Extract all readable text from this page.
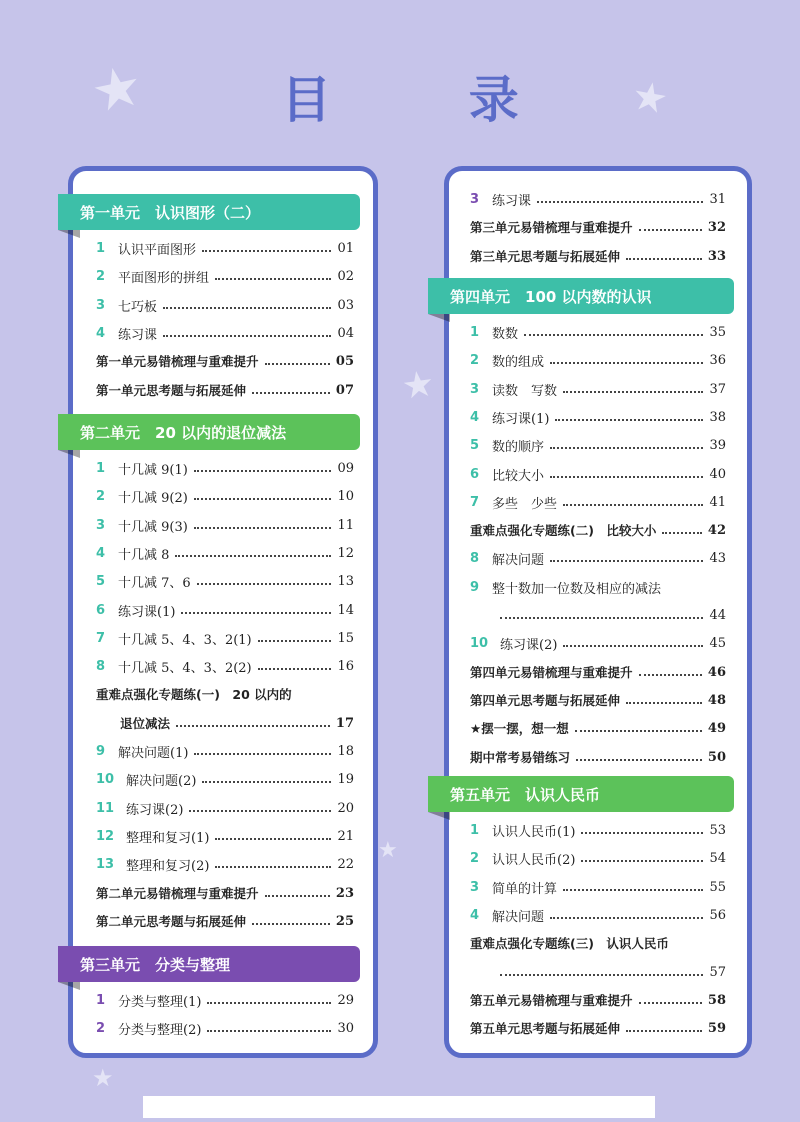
目 录
★	★
★
★
★
第一单元　认识图形（二）
1 认识平面图形	01
2 平面图形的拼组	02
3 七巧板	03
4 练习课	04
第一单元易错梳理与重难提升	05
第一单元思考题与拓展延伸	07
第二单元　20 以内的退位减法
1 十几减 9(1)	09
2 十几减 9(2)	10
3 十几减 9(3)	11
4 十几减 8	12
5 十几减 7、6	13
6 练习课(1)	14
7 十几减 5、4、3、2(1)	15
8 十几减 5、4、3、2(2)	16
重难点强化专题练(一)　20 以内的
退位减法	17
9 解决问题(1)	18
10 解决问题(2)	19
11 练习课(2)	20
12 整理和复习(1)	21
13 整理和复习(2)	22
第二单元易错梳理与重难提升	23
第二单元思考题与拓展延伸	25
第三单元　分类与整理
1 分类与整理(1)	29
2 分类与整理(2)	30
3 练习课	31
第三单元易错梳理与重难提升	32
第三单元思考题与拓展延伸	33
第四单元　100 以内数的认识
1 数数	35
2 数的组成	36
3 读数　写数	37
4 练习课(1)	38
5 数的顺序	39
6 比较大小	40
7 多些　少些	41
重难点强化专题练(二)　比较大小	42
8 解决问题	43
9 整十数加一位数及相应的减法
44
10 练习课(2)	45
第四单元易错梳理与重难提升	46
第四单元思考题与拓展延伸	48
★摆一摆，想一想	49
期中常考易错练习	50
第五单元　认识人民币
1 认识人民币(1)	53
2 认识人民币(2)	54
3 简单的计算	55
4 解决问题	56
重难点强化专题练(三)　认识人民币
57
第五单元易错梳理与重难提升	58
第五单元思考题与拓展延伸	59
